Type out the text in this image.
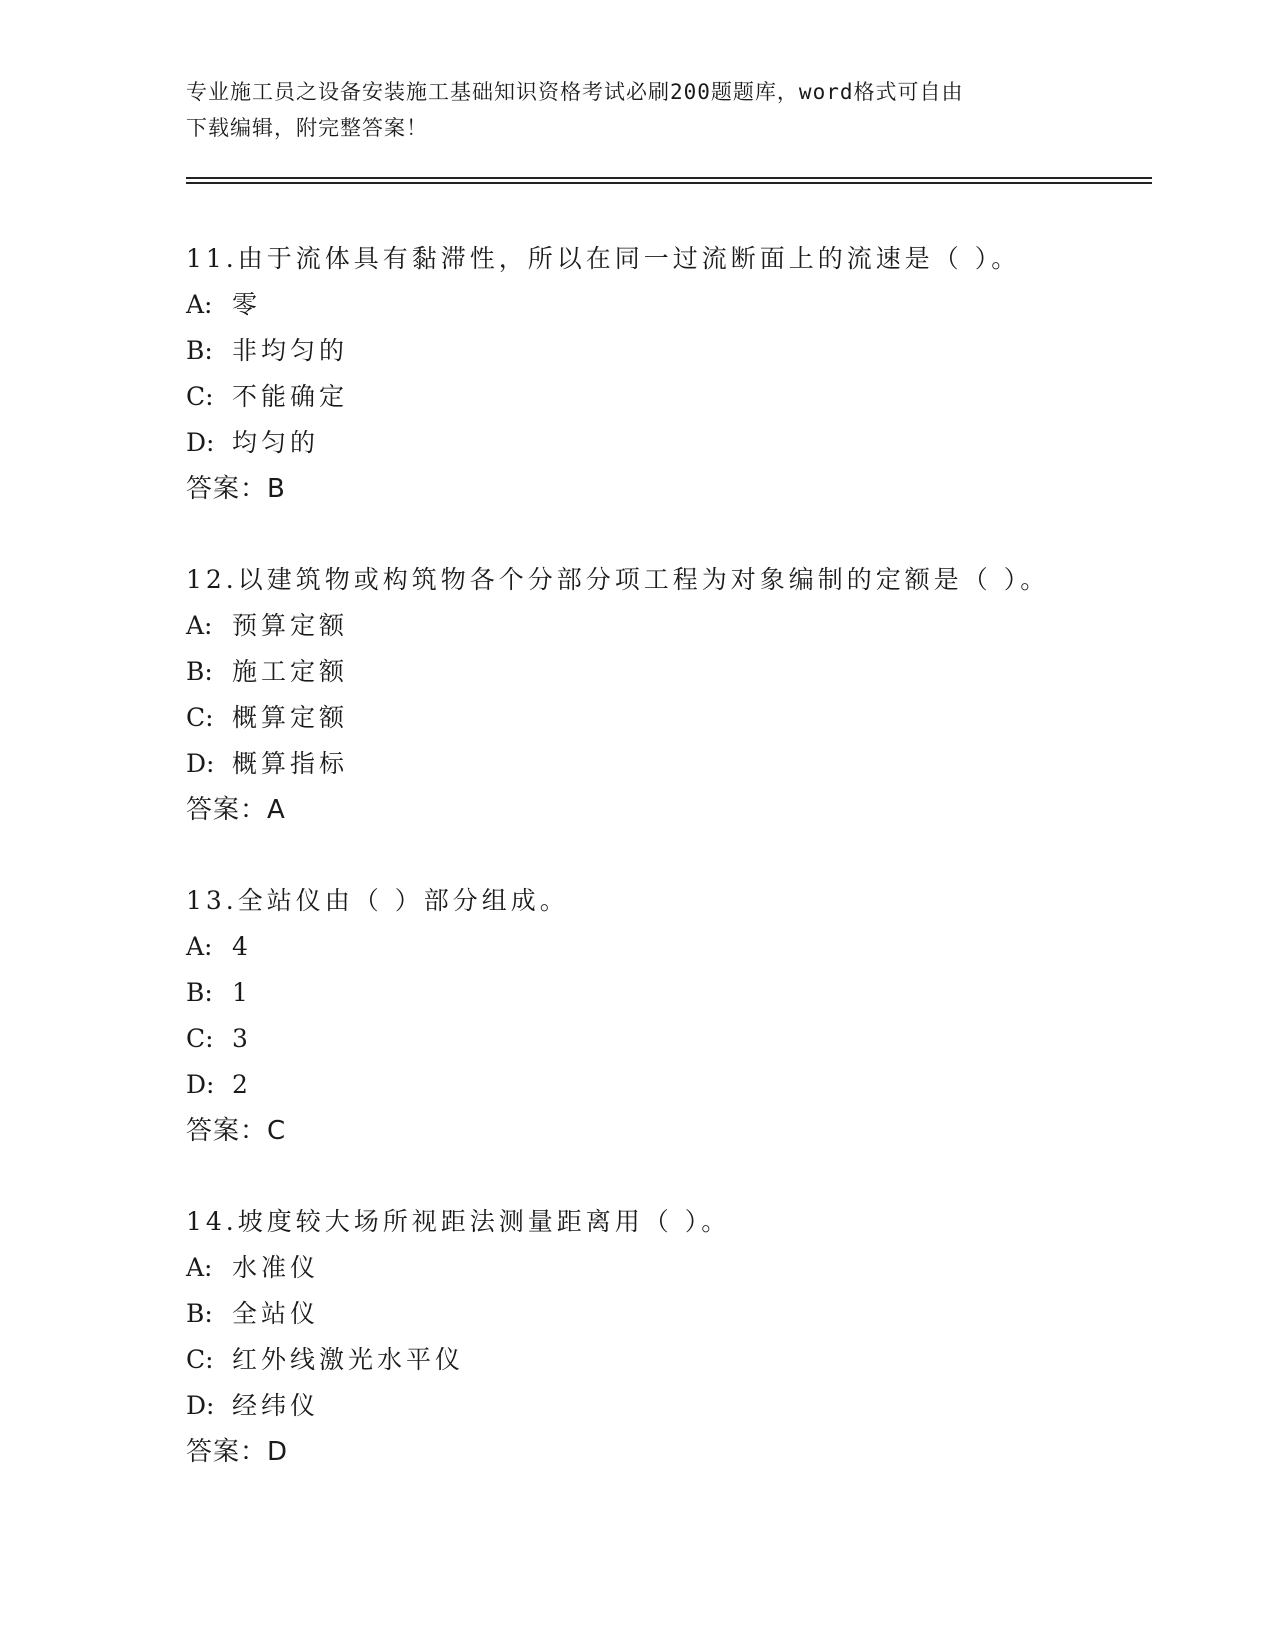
专业施工员之设备安装施工基础知识资格考试必刷200题题库，word格式可自由
下载编辑，附完整答案！
11.由于流体具有黏滞性，所以在同一过流断面上的流速是（ ）。
A: 零
B: 非均匀的
C: 不能确定
D: 均匀的
答案：B
12.以建筑物或构筑物各个分部分项工程为对象编制的定额是（ ）。
A: 预算定额
B: 施工定额
C: 概算定额
D: 概算指标
答案：A
13.全站仪由（ ）部分组成。
A: 4
B: 1
C: 3
D: 2
答案：C
14.坡度较大场所视距法测量距离用（ ）。
A: 水准仪
B: 全站仪
C: 红外线激光水平仪
D: 经纬仪
答案：D
